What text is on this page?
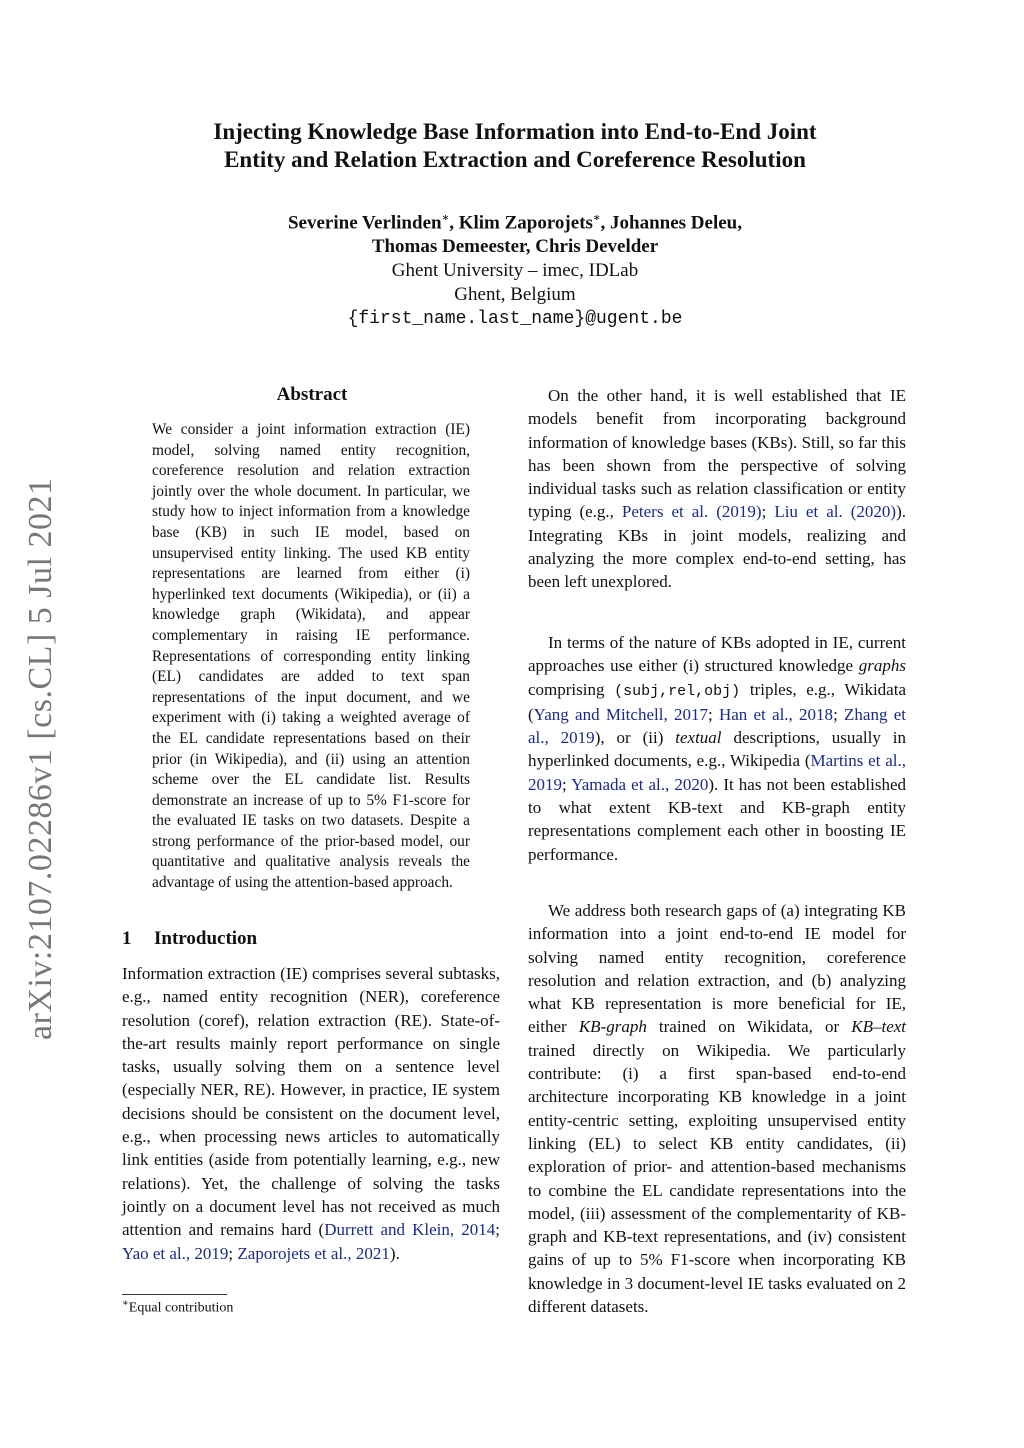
arXiv:2107.02286v1 [cs.CL] 5 Jul 2021
Injecting Knowledge Base Information into End-to-End Joint
Entity and Relation Extraction and Coreference Resolution
Severine Verlinden∗, Klim Zaporojets∗, Johannes Deleu,
Thomas Demeester, Chris Develder
Ghent University – imec, IDLab
Ghent, Belgium
{first_name.last_name}@ugent.be
Abstract
We consider a joint information extraction (IE) model, solving named entity recognition, coreference resolution and relation extraction jointly over the whole document. In particular, we study how to inject information from a knowledge base (KB) in such IE model, based on unsupervised entity linking. The used KB entity representations are learned from either (i) hyperlinked text documents (Wikipedia), or (ii) a knowledge graph (Wikidata), and appear complementary in raising IE performance. Representations of corresponding entity linking (EL) candidates are added to text span representations of the input document, and we experiment with (i) taking a weighted average of the EL candidate representations based on their prior (in Wikipedia), and (ii) using an attention scheme over the EL candidate list. Results demonstrate an increase of up to 5% F1-score for the evaluated IE tasks on two datasets. Despite a strong performance of the prior-based model, our quantitative and qualitative analysis reveals the advantage of using the attention-based approach.
1 Introduction
Information extraction (IE) comprises several subtasks, e.g., named entity recognition (NER), coreference resolution (coref), relation extraction (RE). State-of-the-art results mainly report performance on single tasks, usually solving them on a sentence level (especially NER, RE). However, in practice, IE system decisions should be consistent on the document level, e.g., when processing news articles to automatically link entities (aside from potentially learning, e.g., new relations). Yet, the challenge of solving the tasks jointly on a document level has not received as much attention and remains hard (Durrett and Klein, 2014; Yao et al., 2019; Zaporojets et al., 2021).
∗Equal contribution
On the other hand, it is well established that IE models benefit from incorporating background information of knowledge bases (KBs). Still, so far this has been shown from the perspective of solving individual tasks such as relation classification or entity typing (e.g., Peters et al. (2019); Liu et al. (2020)). Integrating KBs in joint models, realizing and analyzing the more complex end-to-end setting, has been left unexplored.
In terms of the nature of KBs adopted in IE, current approaches use either (i) structured knowledge graphs comprising (subj,rel,obj) triples, e.g., Wikidata (Yang and Mitchell, 2017; Han et al., 2018; Zhang et al., 2019), or (ii) textual descriptions, usually in hyperlinked documents, e.g., Wikipedia (Martins et al., 2019; Yamada et al., 2020). It has not been established to what extent KB-text and KB-graph entity representations complement each other in boosting IE performance.
We address both research gaps of (a) integrating KB information into a joint end-to-end IE model for solving named entity recognition, coreference resolution and relation extraction, and (b) analyzing what KB representation is more beneficial for IE, either KB-graph trained on Wikidata, or KB–text trained directly on Wikipedia. We particularly contribute: (i) a first span-based end-to-end architecture incorporating KB knowledge in a joint entity-centric setting, exploiting unsupervised entity linking (EL) to select KB entity candidates, (ii) exploration of prior- and attention-based mechanisms to combine the EL candidate representations into the model, (iii) assessment of the complementarity of KB-graph and KB-text representations, and (iv) consistent gains of up to 5% F1-score when incorporating KB knowledge in 3 document-level IE tasks evaluated on 2 different datasets.
